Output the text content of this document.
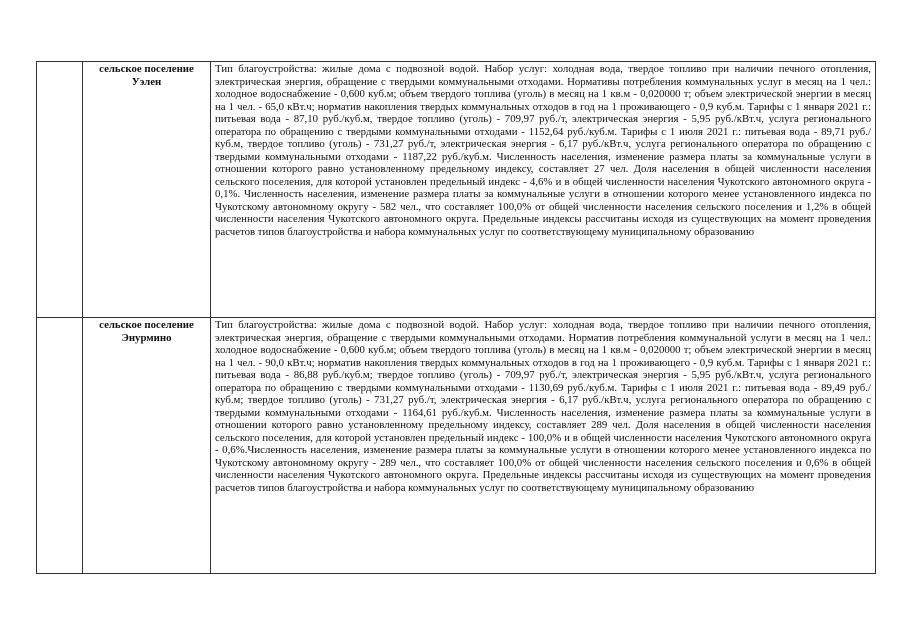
	сельское поселение Уэлен	Тип благоустройства: жилые дома с подвозной водой. Набор услуг: холодная вода, твердое топливо при наличии печного отопления, электрическая энергия, обращение с твердыми коммунальными отходами. Нормативы потребления коммунальных услуг в месяц на 1 чел.: холодное водоснабжение - 0,600 куб.м; объем твердого топлива (уголь) в месяц на 1 кв.м - 0,020000 т; объем электрической энергии в месяц на 1 чел. - 65,0 кВт.ч; норматив накопления твердых коммунальных отходов в год на 1 проживающего - 0,9 куб.м. Тарифы с 1 января 2021 г.: питьевая вода - 87,10 руб./куб.м, твердое топливо (уголь) - 709,97 руб./т, электрическая энергия - 5,95 руб./кВт.ч, услуга регионального оператора по обращению с твердыми коммунальными отходами - 1152,64 руб./куб.м. Тарифы с 1 июля 2021 г.: питьевая вода - 89,71 руб./куб.м, твердое топливо (уголь) - 731,27 руб./т, электрическая энергия - 6,17 руб./кВт.ч, услуга регионального оператора по обращению с твердыми коммунальными отходами - 1187,22 руб./куб.м. Численность населения, изменение размера платы за коммунальные услуги в отношении которого равно установленному предельному индексу, составляет 27 чел. Доля населения в общей численности населения сельского поселения, для которой установлен предельный индекс - 4,6% и в общей численности населения Чукотского автономного округа - 0,1%. Численность населения, изменение размера платы за коммунальные услуги в отношении которого менее установленного индекса по Чукотскому автономному округу - 582 чел., что составляет 100,0% от общей численности населения сельского поселения и 1,2% в общей численности населения Чукотского автономного округа. Предельные индексы рассчитаны исходя из существующих на момент проведения расчетов типов благоустройства и набора коммунальных услуг по соответствующему муниципальному образованию

	сельское поселение Энурмино	Тип благоустройства: жилые дома с подвозной водой. Набор услуг: холодная вода, твердое топливо при наличии печного отопления, электрическая энергия, обращение с твердыми коммунальными отходами. Норматив потребления коммунальной услуги в месяц на 1 чел.: холодное водоснабжение - 0,600 куб.м; объем твердого топлива (уголь) в месяц на 1 кв.м - 0,020000 т; объем электрической энергии в месяц на 1 чел. - 90,0 кВт.ч; норматив накопления твердых коммунальных отходов в год на 1 проживающего - 0,9 куб.м. Тарифы с 1 января 2021 г.: питьевая вода - 86,88 руб./куб.м; твердое топливо (уголь) - 709,97 руб./т, электрическая энергия - 5,95 руб./кВт.ч, услуга регионального оператора по обращению с твердыми коммунальными отходами - 1130,69 руб./куб.м. Тарифы с 1 июля 2021 г.: питьевая вода - 89,49 руб./куб.м; твердое топливо (уголь) - 731,27 руб./т, электрическая энергия - 6,17 руб./кВт.ч, услуга регионального оператора по обращению с твердыми коммунальными отходами - 1164,61 руб./куб.м. Численность населения, изменение размера платы за коммунальные услуги в отношении которого равно установленному предельному индексу, составляет 289 чел. Доля населения в общей численности населения сельского поселения, для которой установлен предельный индекс - 100,0% и в общей численности населения Чукотского автономного округа - 0,6%.Численность населения, изменение размера платы за коммунальные услуги в отношении которого менее установленного индекса по Чукотскому автономному округу - 289 чел., что составляет 100,0% от общей численности населения сельского поселения и 0,6% в общей численности населения Чукотского автономного округа. Предельные индексы рассчитаны исходя из существующих на момент проведения расчетов типов благоустройства и набора коммунальных услуг по соответствующему муниципальному образованию
